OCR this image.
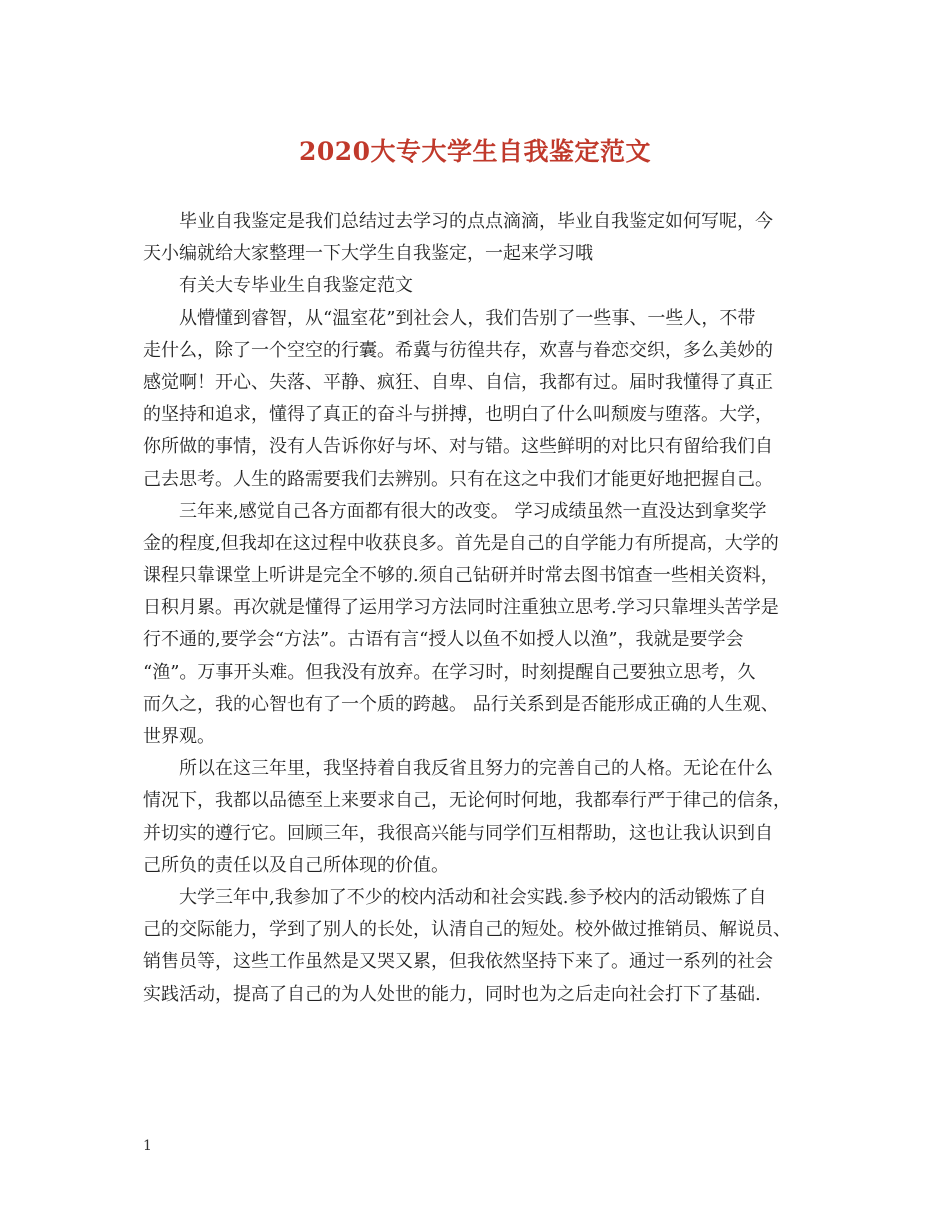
2020大专大学生自我鉴定范文
　　毕业自我鉴定是我们总结过去学习的点点滴滴，毕业自我鉴定如何写呢，今
天小编就给大家整理一下大学生自我鉴定，一起来学习哦
　　有关大专毕业生自我鉴定范文
　　从懵懂到睿智，从“温室花”到社会人，我们告别了一些事、一些人，不带
走什么，除了一个空空的行囊。希冀与彷徨共存，欢喜与眷恋交织，多么美妙的
感觉啊！开心、失落、平静、疯狂、自卑、自信，我都有过。届时我懂得了真正
的坚持和追求，懂得了真正的奋斗与拼搏，也明白了什么叫颓废与堕落。大学，
你所做的事情，没有人告诉你好与坏、对与错。这些鲜明的对比只有留给我们自
己去思考。人生的路需要我们去辨别。只有在这之中我们才能更好地把握自己。
　　三年来,感觉自己各方面都有很大的改变。 学习成绩虽然一直没达到拿奖学
金的程度,但我却在这过程中收获良多。首先是自己的自学能力有所提高，大学的
课程只靠课堂上听讲是完全不够的.须自己钻研并时常去图书馆查一些相关资料，
日积月累。再次就是懂得了运用学习方法同时注重独立思考.学习只靠埋头苦学是
行不通的,要学会“方法”。古语有言“授人以鱼不如授人以渔”，我就是要学会
“渔”。万事开头难。但我没有放弃。在学习时，时刻提醒自己要独立思考，久
而久之，我的心智也有了一个质的跨越。 品行关系到是否能形成正确的人生观、
世界观。
　　所以在这三年里，我坚持着自我反省且努力的完善自己的人格。无论在什么
情况下，我都以品德至上来要求自己，无论何时何地，我都奉行严于律己的信条，
并切实的遵行它。回顾三年，我很高兴能与同学们互相帮助，这也让我认识到自
己所负的责任以及自己所体现的价值。
　　大学三年中,我参加了不少的校内活动和社会实践.参予校内的活动锻炼了自
己的交际能力，学到了别人的长处，认清自己的短处。校外做过推销员、解说员、
销售员等，这些工作虽然是又哭又累，但我依然坚持下来了。通过一系列的社会
实践活动，提高了自己的为人处世的能力，同时也为之后走向社会打下了基础.
1
